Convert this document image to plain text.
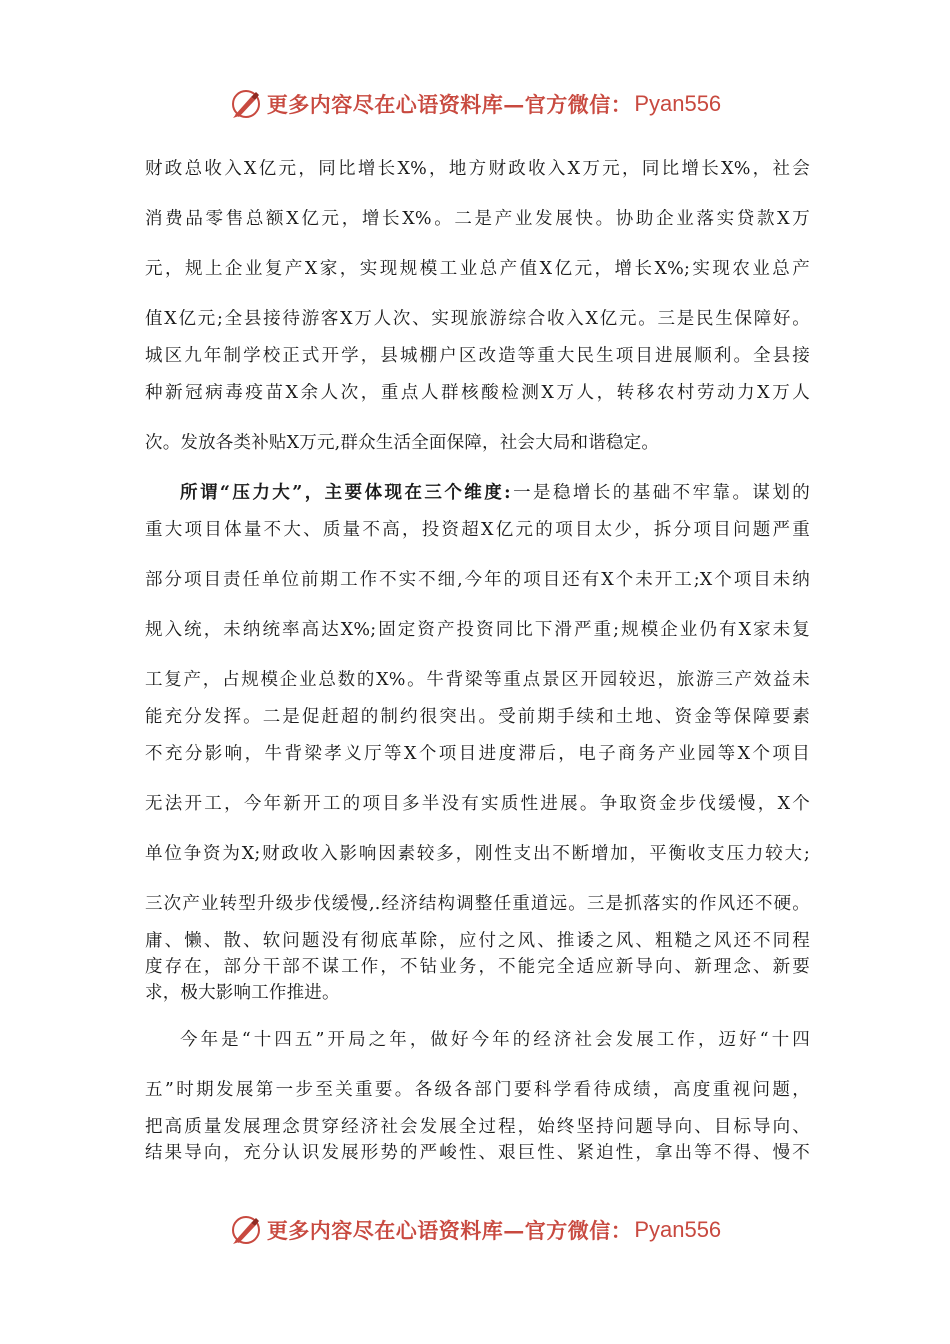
更多内容尽在心语资料库—官方微信： Pyan556
财政总收入X亿元，同比增长X%，地方财政收入X万元，同比增长X%，社会
消费品零售总额X亿元，增长X%。二是产业发展快。协助企业落实贷款X万
元，规上企业复产X家，实现规模工业总产值X亿元，增长X%;实现农业总产
值X亿元;全县接待游客X万人次、实现旅游综合收入X亿元。三是民生保障好。
城区九年制学校正式开学，县城棚户区改造等重大民生项目进展顺利。全县接
种新冠病毒疫苗X余人次，重点人群核酸检测X万人，转移农村劳动力X万人
次。发放各类补贴X万元,群众生活全面保障，社会大局和谐稳定。
所谓“压力大”，主要体现在三个维度:一是稳增长的基础不牢靠。谋划的
重大项目体量不大、质量不高，投资超X亿元的项目太少，拆分项目问题严重
部分项目责任单位前期工作不实不细,今年的项目还有X个未开工;X个项目未纳
规入统，未纳统率高达X%;固定资产投资同比下滑严重;规模企业仍有X家未复
工复产，占规模企业总数的X%。牛背梁等重点景区开园较迟，旅游三产效益未
能充分发挥。二是促赶超的制约很突出。受前期手续和土地、资金等保障要素
不充分影响，牛背梁孝义厅等X个项目进度滞后，电子商务产业园等X个项目
无法开工，今年新开工的项目多半没有实质性进展。争取资金步伐缓慢，X个
单位争资为X;财政收入影响因素较多，刚性支出不断增加，平衡收支压力较大;
三次产业转型升级步伐缓慢,.经济结构调整任重道远。三是抓落实的作风还不硬。
庸、懒、散、软问题没有彻底革除，应付之风、推诿之风、粗糙之风还不同程
度存在，部分干部不谋工作，不钻业务，不能完全适应新导向、新理念、新要
求，极大影响工作推进。
今年是“十四五”开局之年，做好今年的经济社会发展工作，迈好“十四
五”时期发展第一步至关重要。各级各部门要科学看待成绩，高度重视问题，
把高质量发展理念贯穿经济社会发展全过程，始终坚持问题导向、目标导向、
结果导向，充分认识发展形势的严峻性、艰巨性、紧迫性，拿出等不得、慢不
更多内容尽在心语资料库—官方微信： Pyan556
